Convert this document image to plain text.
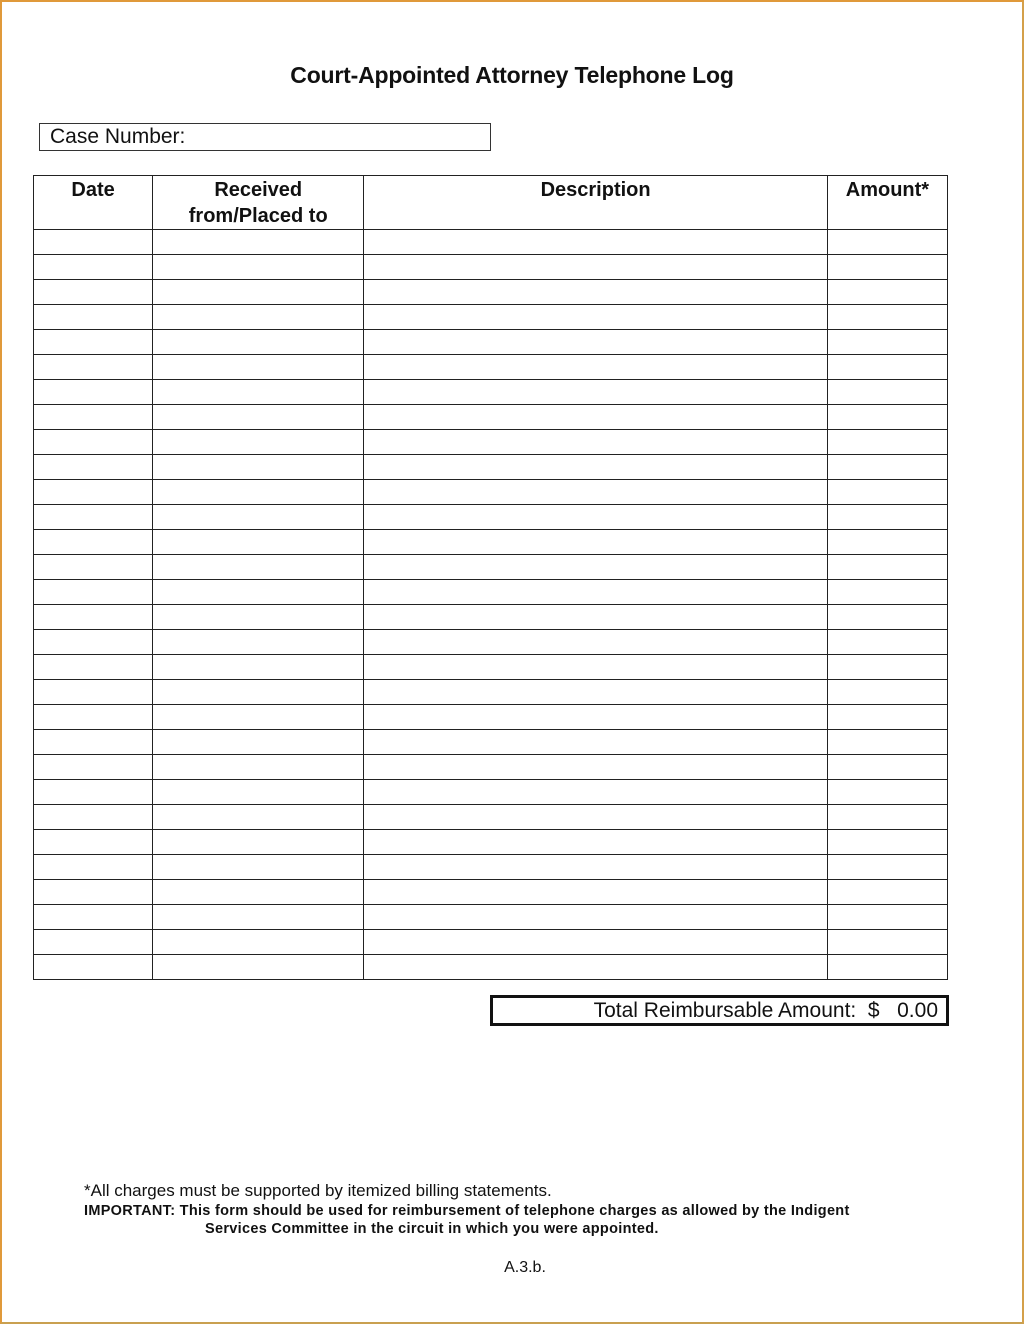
Court-Appointed Attorney Telephone Log
Case Number:
Date	Received from/Placed to	Description	Amount*

Total Reimbursable Amount: $ 0.00
*All charges must be supported by itemized billing statements.
IMPORTANT: This form should be used for reimbursement of telephone charges as allowed by the Indigent
Services Committee in the circuit in which you were appointed.
A.3.b.
